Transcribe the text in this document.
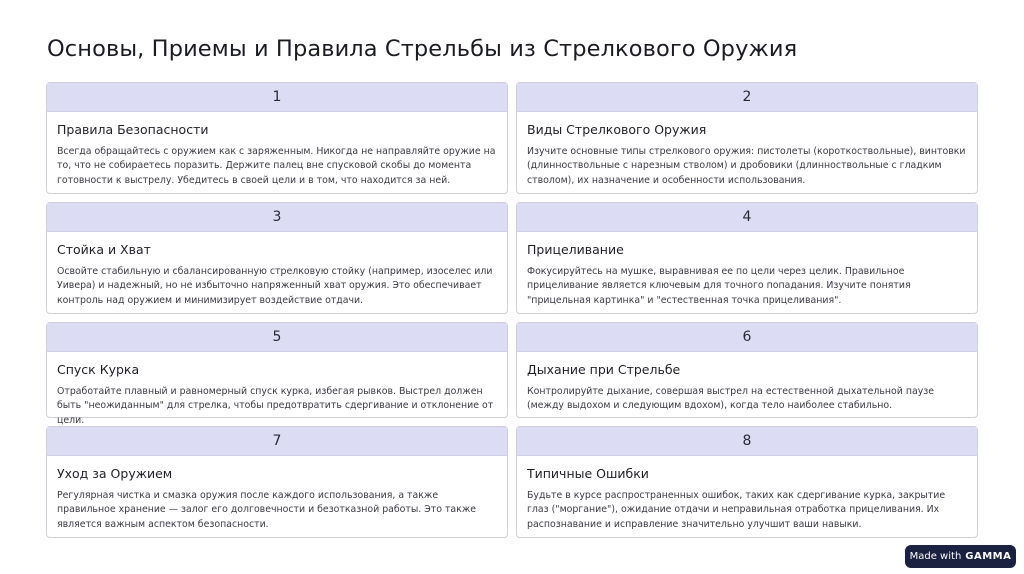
Основы, Приемы и Правила Стрельбы из Стрелкового Оружия
1
Правила Безопасности

Всегда обращайтесь с оружием как с заряженным. Никогда не направляйте оружие на то, что не собираетесь поразить. Держите палец вне спусковой скобы до момента готовности к выстрелу. Убедитесь в своей цели и в том, что находится за ней.

2
Виды Стрелкового Оружия

Изучите основные типы стрелкового оружия: пистолеты (короткоствольные), винтовки (длинноствольные с нарезным стволом) и дробовики (длинноствольные с гладким стволом), их назначение и особенности использования.

3
Стойка и Хват

Освойте стабильную и сбалансированную стрелковую стойку (например, изоселес или Уивера) и надежный, но не избыточно напряженный хват оружия. Это обеспечивает контроль над оружием и минимизирует воздействие отдачи.

4
Прицеливание

Фокусируйтесь на мушке, выравнивая ее по цели через целик. Правильное прицеливание является ключевым для точного попадания. Изучите понятия "прицельная картинка" и "естественная точка прицеливания".

5
Спуск Курка

Отработайте плавный и равномерный спуск курка, избегая рывков. Выстрел должен быть "неожиданным" для стрелка, чтобы предотвратить сдергивание и отклонение от цели.

6
Дыхание при Стрельбе

Контролируйте дыхание, совершая выстрел на естественной дыхательной паузе (между выдохом и следующим вдохом), когда тело наиболее стабильно.

7
Уход за Оружием

Регулярная чистка и смазка оружия после каждого использования, а также правильное хранение — залог его долговечности и безотказной работы. Это также является важным аспектом безопасности.

8
Типичные Ошибки

Будьте в курсе распространенных ошибок, таких как сдергивание курка, закрытие глаз ("моргание"), ожидание отдачи и неправильная отработка прицеливания. Их распознавание и исправление значительно улучшит ваши навыки.

Made with GAMMA
